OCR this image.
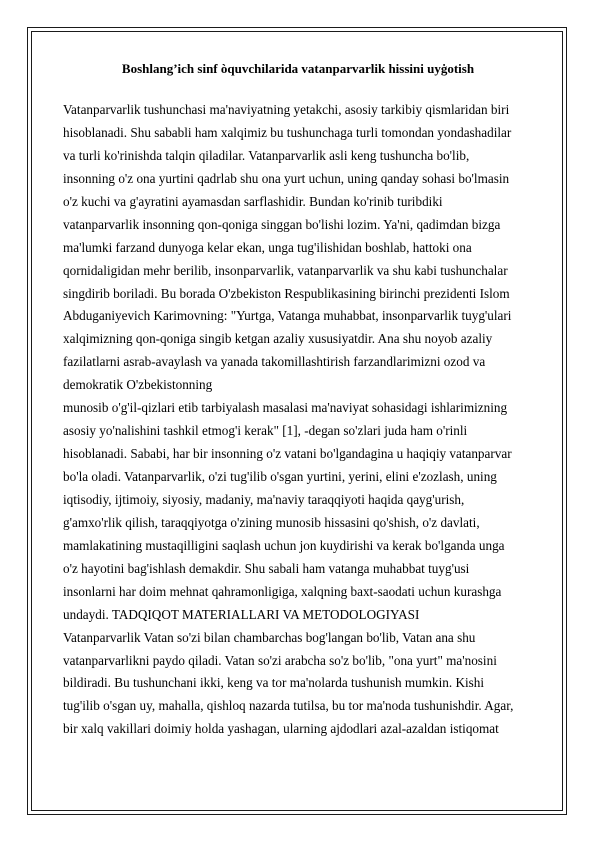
Boshlang’ich sinf òquvchilarida vatanparvarlik hissini uyġotish
Vatanparvarlik tushunchasi ma'naviyatning yetakchi, asosiy tarkibiy qismlaridan biri
hisoblanadi. Shu sababli ham xalqimiz bu tushunchaga turli tomondan yondashadilar
va turli ko'rinishda talqin qiladilar. Vatanparvarlik asli keng tushuncha bo'lib,
insonning o'z ona yurtini qadrlab shu ona yurt uchun, uning qanday sohasi bo'lmasin
o'z kuchi va g'ayratini ayamasdan sarflashidir. Bundan ko'rinib turibdiki
vatanparvarlik insonning qon-qoniga singgan bo'lishi lozim. Ya'ni, qadimdan bizga
ma'lumki farzand dunyoga kelar ekan, unga tug'ilishidan boshlab, hattoki ona
qornidaligidan mehr berilib, insonparvarlik, vatanparvarlik va shu kabi tushunchalar
singdirib boriladi. Bu borada O'zbekiston Respublikasining birinchi prezidenti Islom
Abduganiyevich Karimovning: "Yurtga, Vatanga muhabbat, insonparvarlik tuyg'ulari
xalqimizning qon-qoniga singib ketgan azaliy xususiyatdir. Ana shu noyob azaliy
fazilatlarni asrab-avaylash va yanada takomillashtirish farzandlarimizni ozod va
demokratik O'zbekistonning
munosib o'g'il-qizlari etib tarbiyalash masalasi ma'naviyat sohasidagi ishlarimizning
asosiy yo'nalishini tashkil etmog'i kerak" [1], -degan so'zlari juda ham o'rinli
hisoblanadi. Sababi, har bir insonning o'z vatani bo'lgandagina u haqiqiy vatanparvar
bo'la oladi. Vatanparvarlik, o'zi tug'ilib o'sgan yurtini, yerini, elini e'zozlash, uning
iqtisodiy, ijtimoiy, siyosiy, madaniy, ma'naviy taraqqiyoti haqida qayg'urish,
g'amxo'rlik qilish, taraqqiyotga o'zining munosib hissasini qo'shish, o'z davlati,
mamlakatining mustaqilligini saqlash uchun jon kuydirishi va kerak bo'lganda unga
o'z hayotini bag'ishlash demakdir. Shu sabali ham vatanga muhabbat tuyg'usi
insonlarni har doim mehnat qahramonligiga, xalqning baxt-saodati uchun kurashga
undaydi. TADQIQOT MATERIALLARI VA METODOLOGIYASI
Vatanparvarlik Vatan so'zi bilan chambarchas bog'langan bo'lib, Vatan ana shu
vatanparvarlikni paydo qiladi. Vatan so'zi arabcha so'z bo'lib, "ona yurt" ma'nosini
bildiradi. Bu tushunchani ikki, keng va tor ma'nolarda tushunish mumkin. Kishi
tug'ilib o'sgan uy, mahalla, qishloq nazarda tutilsa, bu tor ma'noda tushunishdir. Agar,
bir xalq vakillari doimiy holda yashagan, ularning ajdodlari azal-azaldan istiqomat
